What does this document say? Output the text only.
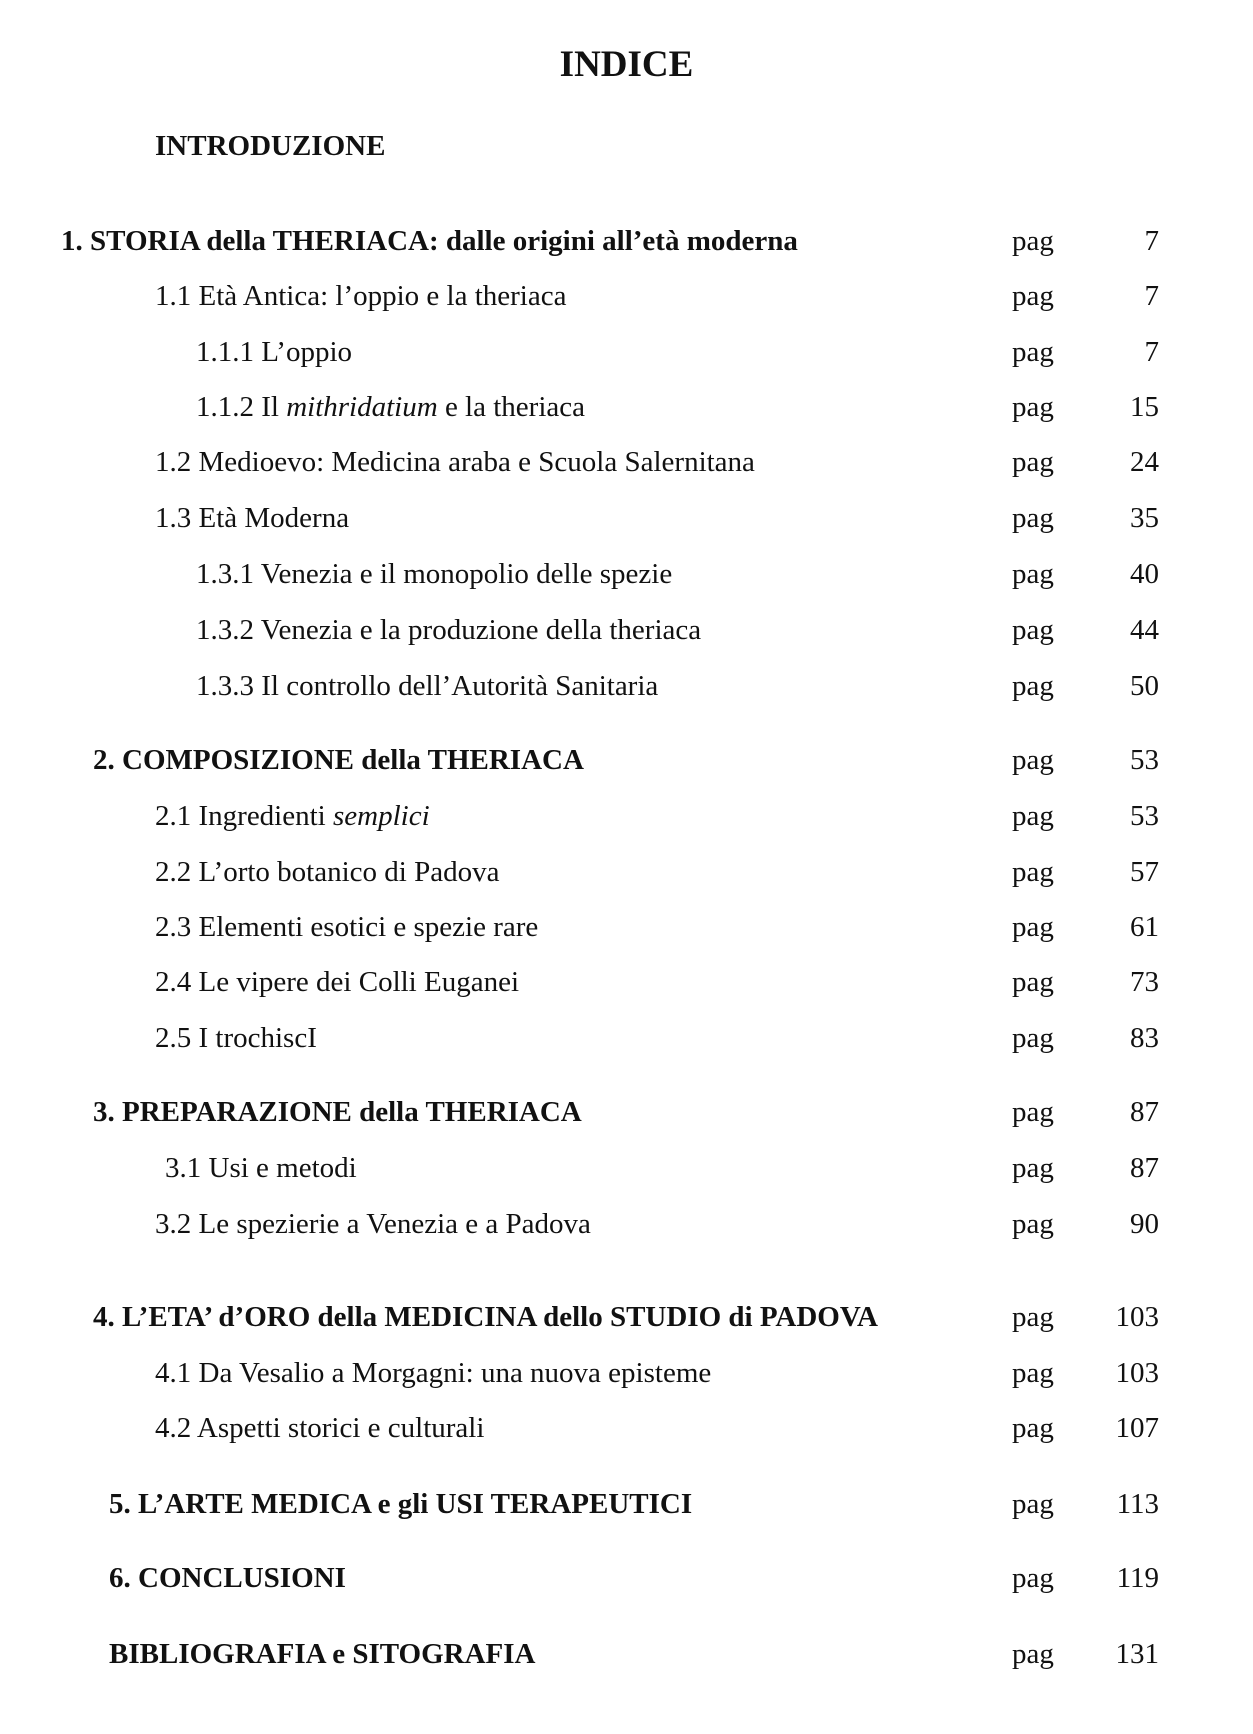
INDICE
INTRODUZIONE
1. STORIA della THERIACA: dalle origini all’età moderna	pag	7
1.1 Età Antica: l’oppio e la theriaca	pag	7
1.1.1 L’oppio	pag	7
1.1.2 Il mithridatium e la theriaca	pag	15
1.2 Medioevo: Medicina araba e Scuola Salernitana	pag	24
1.3 Età Moderna	pag	35
1.3.1 Venezia e il monopolio delle spezie	pag	40
1.3.2 Venezia e la produzione della theriaca	pag	44
1.3.3 Il controllo dell’Autorità Sanitaria	pag	50
2. COMPOSIZIONE della THERIACA	pag	53
2.1 Ingredienti semplici	pag	53
2.2 L’orto botanico di Padova	pag	57
2.3 Elementi esotici e spezie rare	pag	61
2.4 Le vipere dei Colli Euganei	pag	73
2.5 I trochiscI	pag	83
3. PREPARAZIONE della THERIACA	pag	87
3.1 Usi e metodi	pag	87
3.2 Le spezierie a Venezia e a Padova	pag	90
4. L’ETA’ d’ORO della MEDICINA dello STUDIO di PADOVA	pag 103
4.1 Da Vesalio a Morgagni: una nuova episteme	pag 103
4.2 Aspetti storici e culturali	pag 107
5. L’ARTE MEDICA e gli USI TERAPEUTICI	pag 113
6. CONCLUSIONI	pag 119
BIBLIOGRAFIA e SITOGRAFIA	pag 131
